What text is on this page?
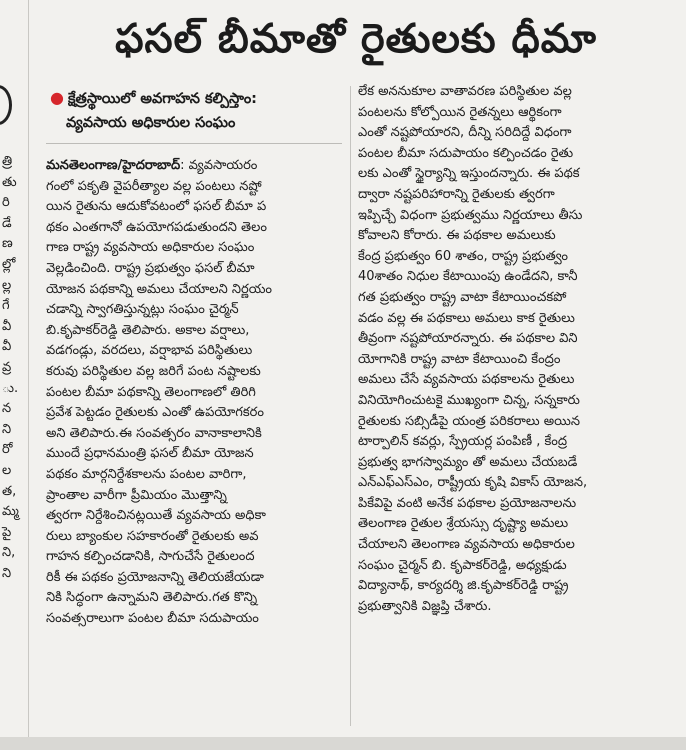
త్రి
తు
రి
డే
ణ
ల్లో
ల్ల
గే
వీ
వీ
వ్ర
ు.
న
ని
రో
ల
త,
మ్మ
పై
ని,
ని
ఫసల్ బీమాతో రైతులకు ధీమా
● క్షేత్రస్థాయిలో అవగాహన కల్పిస్తాం:
వ్యవసాయ అధికారుల సంఘం
మనతెలంగాణ/హైదరాబాద్: వ్యవసాయరం
గంలో పకృతి వైపరీత్యాల వల్ల పంటలు నష్టో
యిన రైతును ఆదుకోవటంలో ఫసల్ బీమా ప
థకం ఎంతగానో ఉపయోగపడుతుందని తెలం
గాణ రాష్ట్ర వ్యవసాయ అధికారుల సంఘం
వెల్లడించింది. రాష్ట్ర ప్రభుత్వం ఫసల్ బీమా
యోజన పథకాన్ని అమలు చేయాలని నిర్ణయం
చడాన్ని స్వాగతిస్తున్నట్లు సంఘం చైర్మన్
బి.కృపాకర్‌రెడ్డి తెలిపారు. అకాల వర్షాలు,
వడగండ్లు, వరదలు, వర్షాభావ పరిస్థితులు
కరువు పరిస్థితుల వల్ల జరిగే పంట నష్టాలకు
పంటల బీమా పథకాన్ని తెలంగాణలో తిరిగి
ప్రవేశ పెట్టడం రైతులకు ఎంతో ఉపయోగకరం
అని తెలిపారు.ఈ సంవత్సరం వానాకాలానికి
ముందే ప్రధానమంత్రి ఫసల్ బీమా యోజన
పథకం మార్గనిర్దేశకాలను పంటల వారిగా,
ప్రాంతాల వారీగా ప్రీమియం మొత్తాన్ని
త్వరగా నిర్దేశించినట్లయితే వ్యవసాయ అధికా
రులు బ్యాంకుల సహకారంతో రైతులకు అవ
గాహన కల్పించడానికి, సాగుచేసే రైతులంద
రికీ ఈ పథకం ప్రయోజనాన్ని తెలియజేయడా
నికి సిద్ధంగా ఉన్నామని తెలిపారు.గత కొన్ని
సంవత్సరాలుగా పంటల బీమా సదుపాయం
లేక అననుకూల వాతావరణ పరిస్థితుల వల్ల
పంటలను కోల్పోయిన రైతన్నలు ఆర్థికంగా
ఎంతో నష్టపోయారని, దీన్ని సరిదిద్దే విధంగా
పంటల బీమా సదుపాయం కల్పించడం రైతు
లకు ఎంతో స్థైర్యాన్ని ఇస్తుందన్నారు. ఈ పథక
ద్వారా నష్టపరిహారాన్ని రైతులకు త్వరగా
ఇప్పిచ్చే విధంగా ప్రభుత్వము నిర్ణయాలు తీసు
కోవాలని కోరారు. ఈ పథకాల అమలుకు
కేంద్ర ప్రభుత్వం 60 శాతం, రాష్ట్ర ప్రభుత్వం
40శాతం నిధుల కేటాయింపు ఉండేదని, కానీ
గత ప్రభుత్వం రాష్ట్ర వాటా కేటాయించకపో
వడం వల్ల ఈ పథకాలు అమలు కాక రైతులు
తీవ్రంగా నష్టపోయారన్నారు. ఈ పథకాల విని
యోగానికి రాష్ట్ర వాటా కేటాయించి కేంద్రం
అమలు చేసే వ్యవసాయ పథకాలను రైతులు
వినియోగించుటకై ముఖ్యంగా చిన్న, సన్నకారు
రైతులకు సబ్సిడీపై యంత్ర పరికరాలు అయిన
టార్పాలిన్ కవర్లు, స్ప్రేయర్ల పంపిణీ , కేంద్ర
ప్రభుత్వ భాగస్వామ్యం తో అమలు చేయబడే
ఎన్‌ఎఫ్‌ఎస్‌ఎం, రాష్ట్రీయ కృషి వికాస్ యోజన,
పికేవిపై వంటి అనేక పథకాల ప్రయోజనాలను
తెలంగాణ రైతుల శ్రేయస్సు దృష్ట్యా అమలు
చేయాలని తెలంగాణ వ్యవసాయ అధికారుల
సంఘం చైర్మన్ బి. కృపాకర్‌రెడ్డి, అధ్యక్షుడు
విద్యానాథ్, కార్యదర్శి జి.కృపాకర్‌రెడ్డి రాష్ట్ర
ప్రభుత్వానికి విజ్ఞప్తి చేశారు.
